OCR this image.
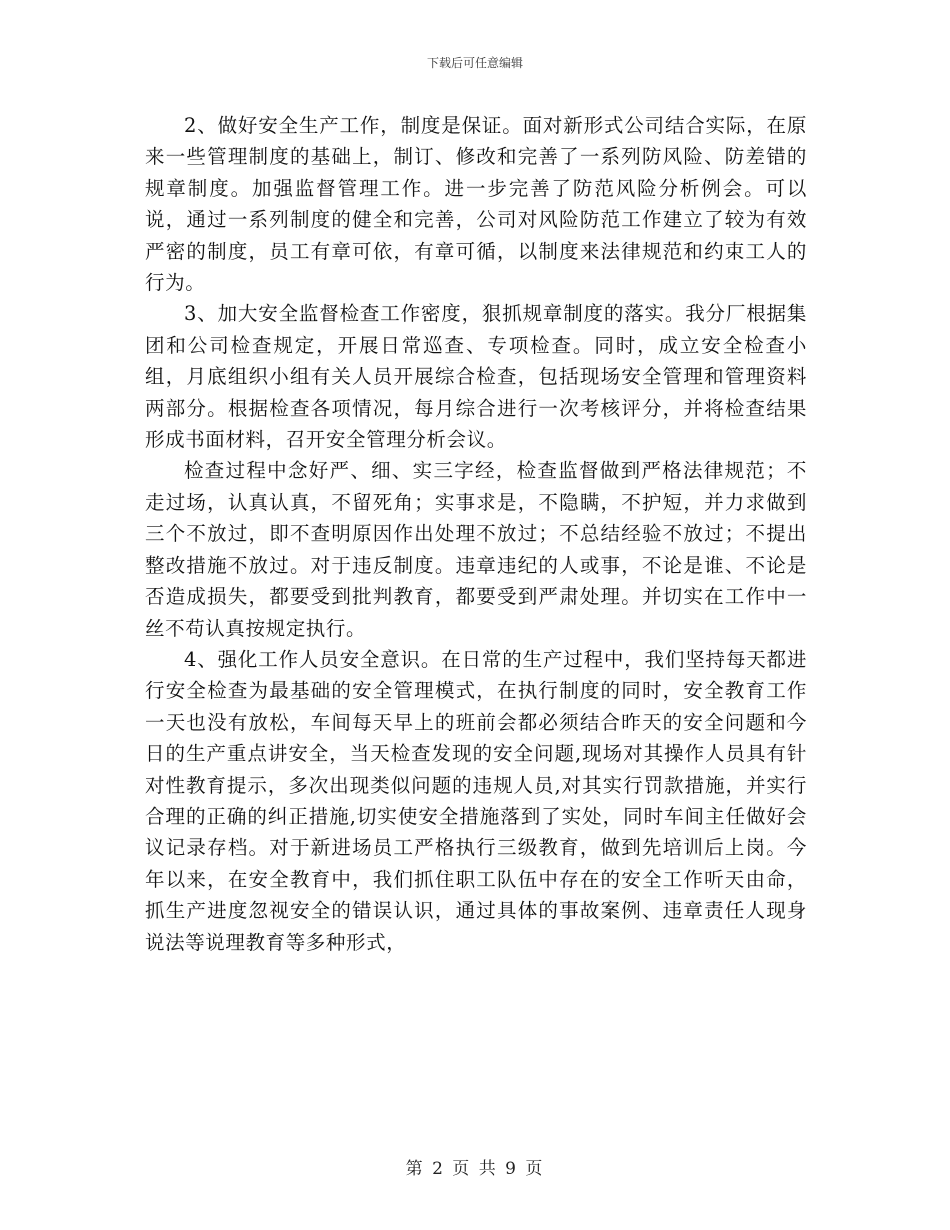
下载后可任意编辑

2、做好安全生产工作，制度是保证。面对新形式公司结合实际，在原来一些管理制度的基础上，制订、修改和完善了一系列防风险、防差错的规章制度。加强监督管理工作。进一步完善了防范风险分析例会。可以说，通过一系列制度的健全和完善，公司对风险防范工作建立了较为有效严密的制度，员工有章可依，有章可循，以制度来法律规范和约束工人的行为。

3、加大安全监督检查工作密度，狠抓规章制度的落实。我分厂根据集团和公司检查规定，开展日常巡查、专项检查。同时，成立安全检查小组，月底组织小组有关人员开展综合检查，包括现场安全管理和管理资料两部分。根据检查各项情况，每月综合进行一次考核评分，并将检查结果形成书面材料，召开安全管理分析会议。

检查过程中念好严、细、实三字经，检查监督做到严格法律规范；不走过场，认真认真，不留死角；实事求是，不隐瞒，不护短，并力求做到三个不放过，即不查明原因作出处理不放过；不总结经验不放过；不提出整改措施不放过。对于违反制度。违章违纪的人或事，不论是谁、不论是否造成损失，都要受到批判教育，都要受到严肃处理。并切实在工作中一丝不苟认真按规定执行。

4、强化工作人员安全意识。在日常的生产过程中，我们坚持每天都进行安全检查为最基础的安全管理模式，在执行制度的同时，安全教育工作一天也没有放松，车间每天早上的班前会都必须结合昨天的安全问题和今日的生产重点讲安全，当天检查发现的安全问题,现场对其操作人员具有针对性教育提示，多次出现类似问题的违规人员,对其实行罚款措施，并实行合理的正确的纠正措施,切实使安全措施落到了实处，同时车间主任做好会议记录存档。对于新进场员工严格执行三级教育，做到先培训后上岗。今年以来，在安全教育中，我们抓住职工队伍中存在的安全工作听天由命，抓生产进度忽视安全的错误认识，通过具体的事故案例、违章责任人现身说法等说理教育等多种形式，

第 2 页 共 9 页
